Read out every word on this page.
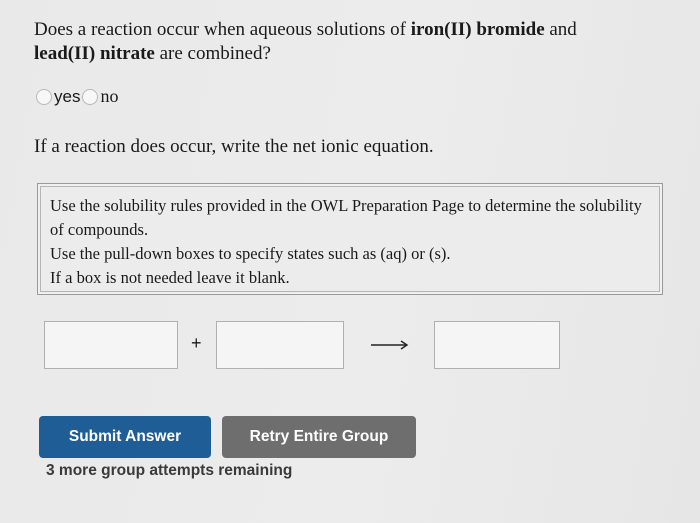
Does a reaction occur when aqueous solutions of iron(II) bromide and
lead(II) nitrate are combined?
yes no
If a reaction does occur, write the net ionic equation.
Use the solubility rules provided in the OWL Preparation Page to determine the solubility of compounds.
Use the pull-down boxes to specify states such as (aq) or (s).
If a box is not needed leave it blank.
+
Submit Answer	Retry Entire Group
3 more group attempts remaining
